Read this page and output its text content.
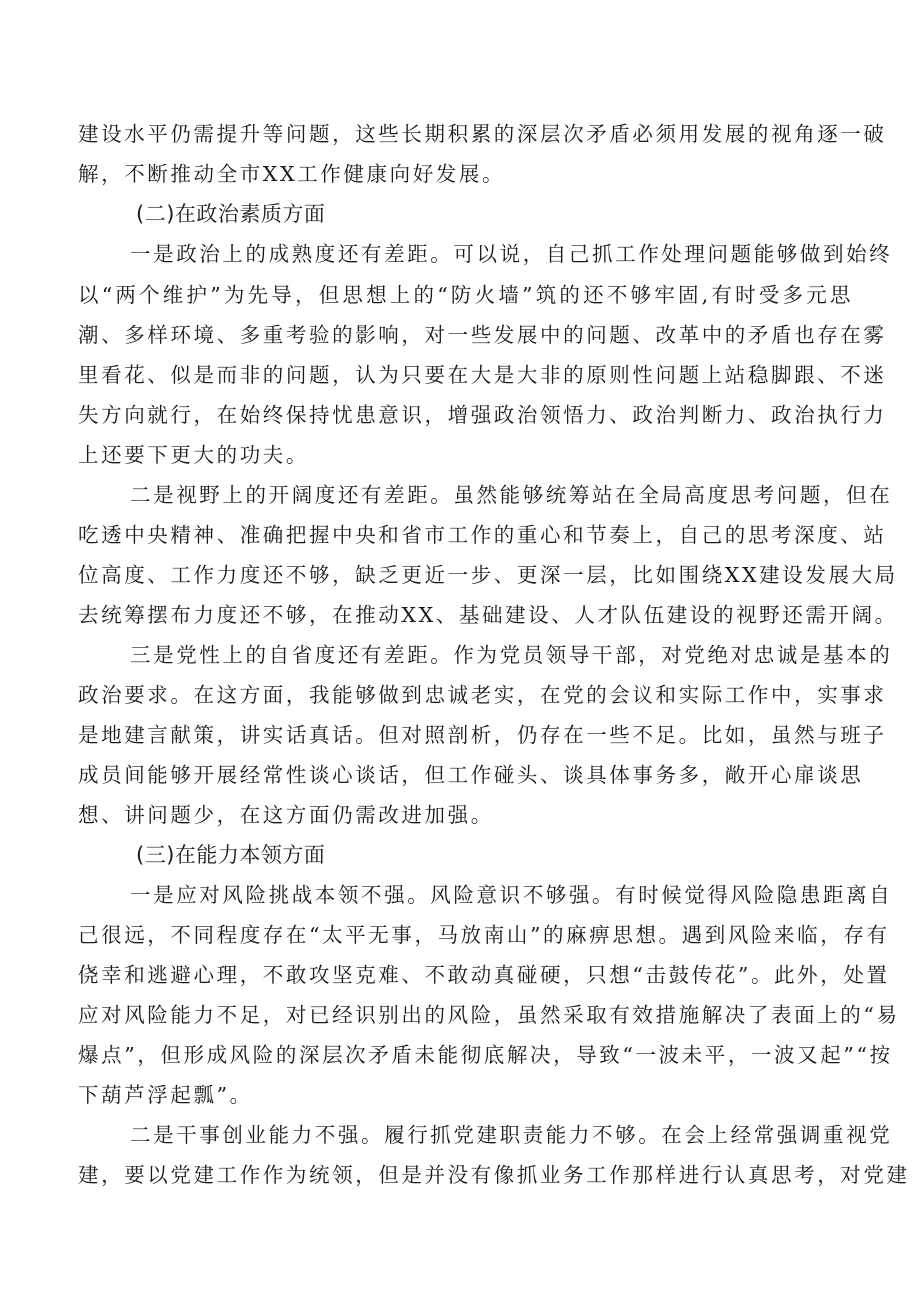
建设水平仍需提升等问题，这些长期积累的深层次矛盾必须用发展的视角逐一破
解，不断推动全市XX工作健康向好发展。
(二)在政治素质方面
一是政治上的成熟度还有差距。可以说，自己抓工作处理问题能够做到始终
以“两个维护”为先导，但思想上的“防火墙”筑的还不够牢固,有时受多元思
潮、多样环境、多重考验的影响，对一些发展中的问题、改革中的矛盾也存在雾
里看花、似是而非的问题，认为只要在大是大非的原则性问题上站稳脚跟、不迷
失方向就行，在始终保持忧患意识，增强政治领悟力、政治判断力、政治执行力
上还要下更大的功夫。
二是视野上的开阔度还有差距。虽然能够统筹站在全局高度思考问题，但在
吃透中央精神、准确把握中央和省市工作的重心和节奏上，自己的思考深度、站
位高度、工作力度还不够，缺乏更近一步、更深一层，比如围绕XX建设发展大局
去统筹摆布力度还不够，在推动XX、基础建设、人才队伍建设的视野还需开阔。
三是党性上的自省度还有差距。作为党员领导干部，对党绝对忠诚是基本的
政治要求。在这方面，我能够做到忠诚老实，在党的会议和实际工作中，实事求
是地建言献策，讲实话真话。但对照剖析，仍存在一些不足。比如，虽然与班子
成员间能够开展经常性谈心谈话，但工作碰头、谈具体事务多，敞开心扉谈思
想、讲问题少，在这方面仍需改进加强。
(三)在能力本领方面
一是应对风险挑战本领不强。风险意识不够强。有时候觉得风险隐患距离自
己很远，不同程度存在“太平无事，马放南山”的麻痹思想。遇到风险来临，存有
侥幸和逃避心理，不敢攻坚克难、不敢动真碰硬，只想“击鼓传花”。此外，处置
应对风险能力不足，对已经识别出的风险，虽然采取有效措施解决了表面上的“易
爆点”，但形成风险的深层次矛盾未能彻底解决，导致“一波未平，一波又起”“按
下葫芦浮起瓢”。
二是干事创业能力不强。履行抓党建职责能力不够。在会上经常强调重视党
建，要以党建工作作为统领，但是并没有像抓业务工作那样进行认真思考，对党建
